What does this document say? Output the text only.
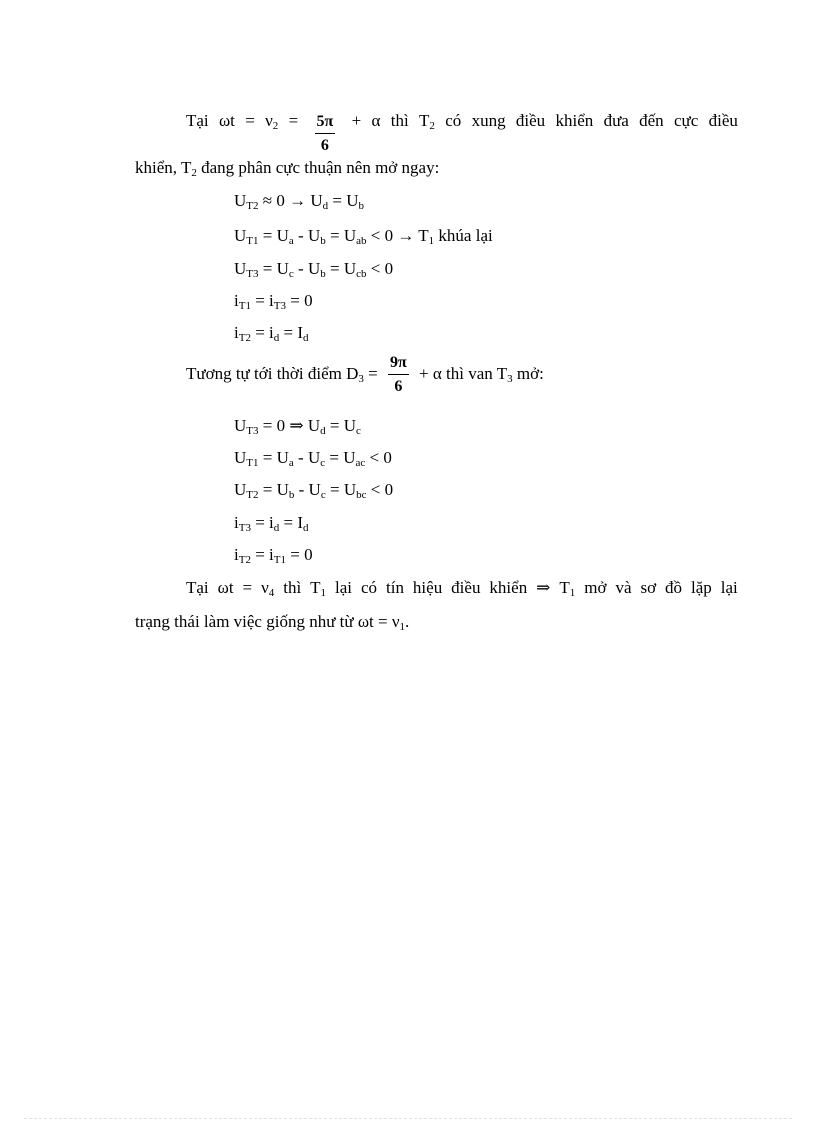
Tại $\omega t = \nu_2 = \frac{5\pi}{6} + \alpha$ thì $T_2$ có xung điều khiển đưa đến cực điều
khiển, $T_2$ đang phân cực thuận nên mở ngay:
$U_{T2} \approx 0 \to U_d = U_b$
$U_{T1} = U_a - U_b = U_{ab} < 0 \to T_1$ khúa lại
$U_{T3} = U_c - U_b = U_{cb} < 0$
$i_{T1} = i_{T3} = 0$
$i_{T2} = i_d = I_d$
Tương tự tới thời điểm $D_3 = \frac{9\pi}{6} + \alpha$ thì van $T_3$ mở:
$U_{T3} = 0$ ⇒ $U_d = U_c$
$U_{T1} = U_a - U_c = U_{ac} < 0$
$U_{T2} = U_b - U_c = U_{bc} < 0$
$i_{T3} = i_d = I_d$
$i_{T2} = i_{T1} = 0$
Tại $\omega t = \nu_4$ thì $T_1$ lại có tín hiệu điều khiển ⇒ $T_1$ mở và sơ đồ lặp lại
trạng thái làm việc giống như từ $\omega t = \nu_1$.
